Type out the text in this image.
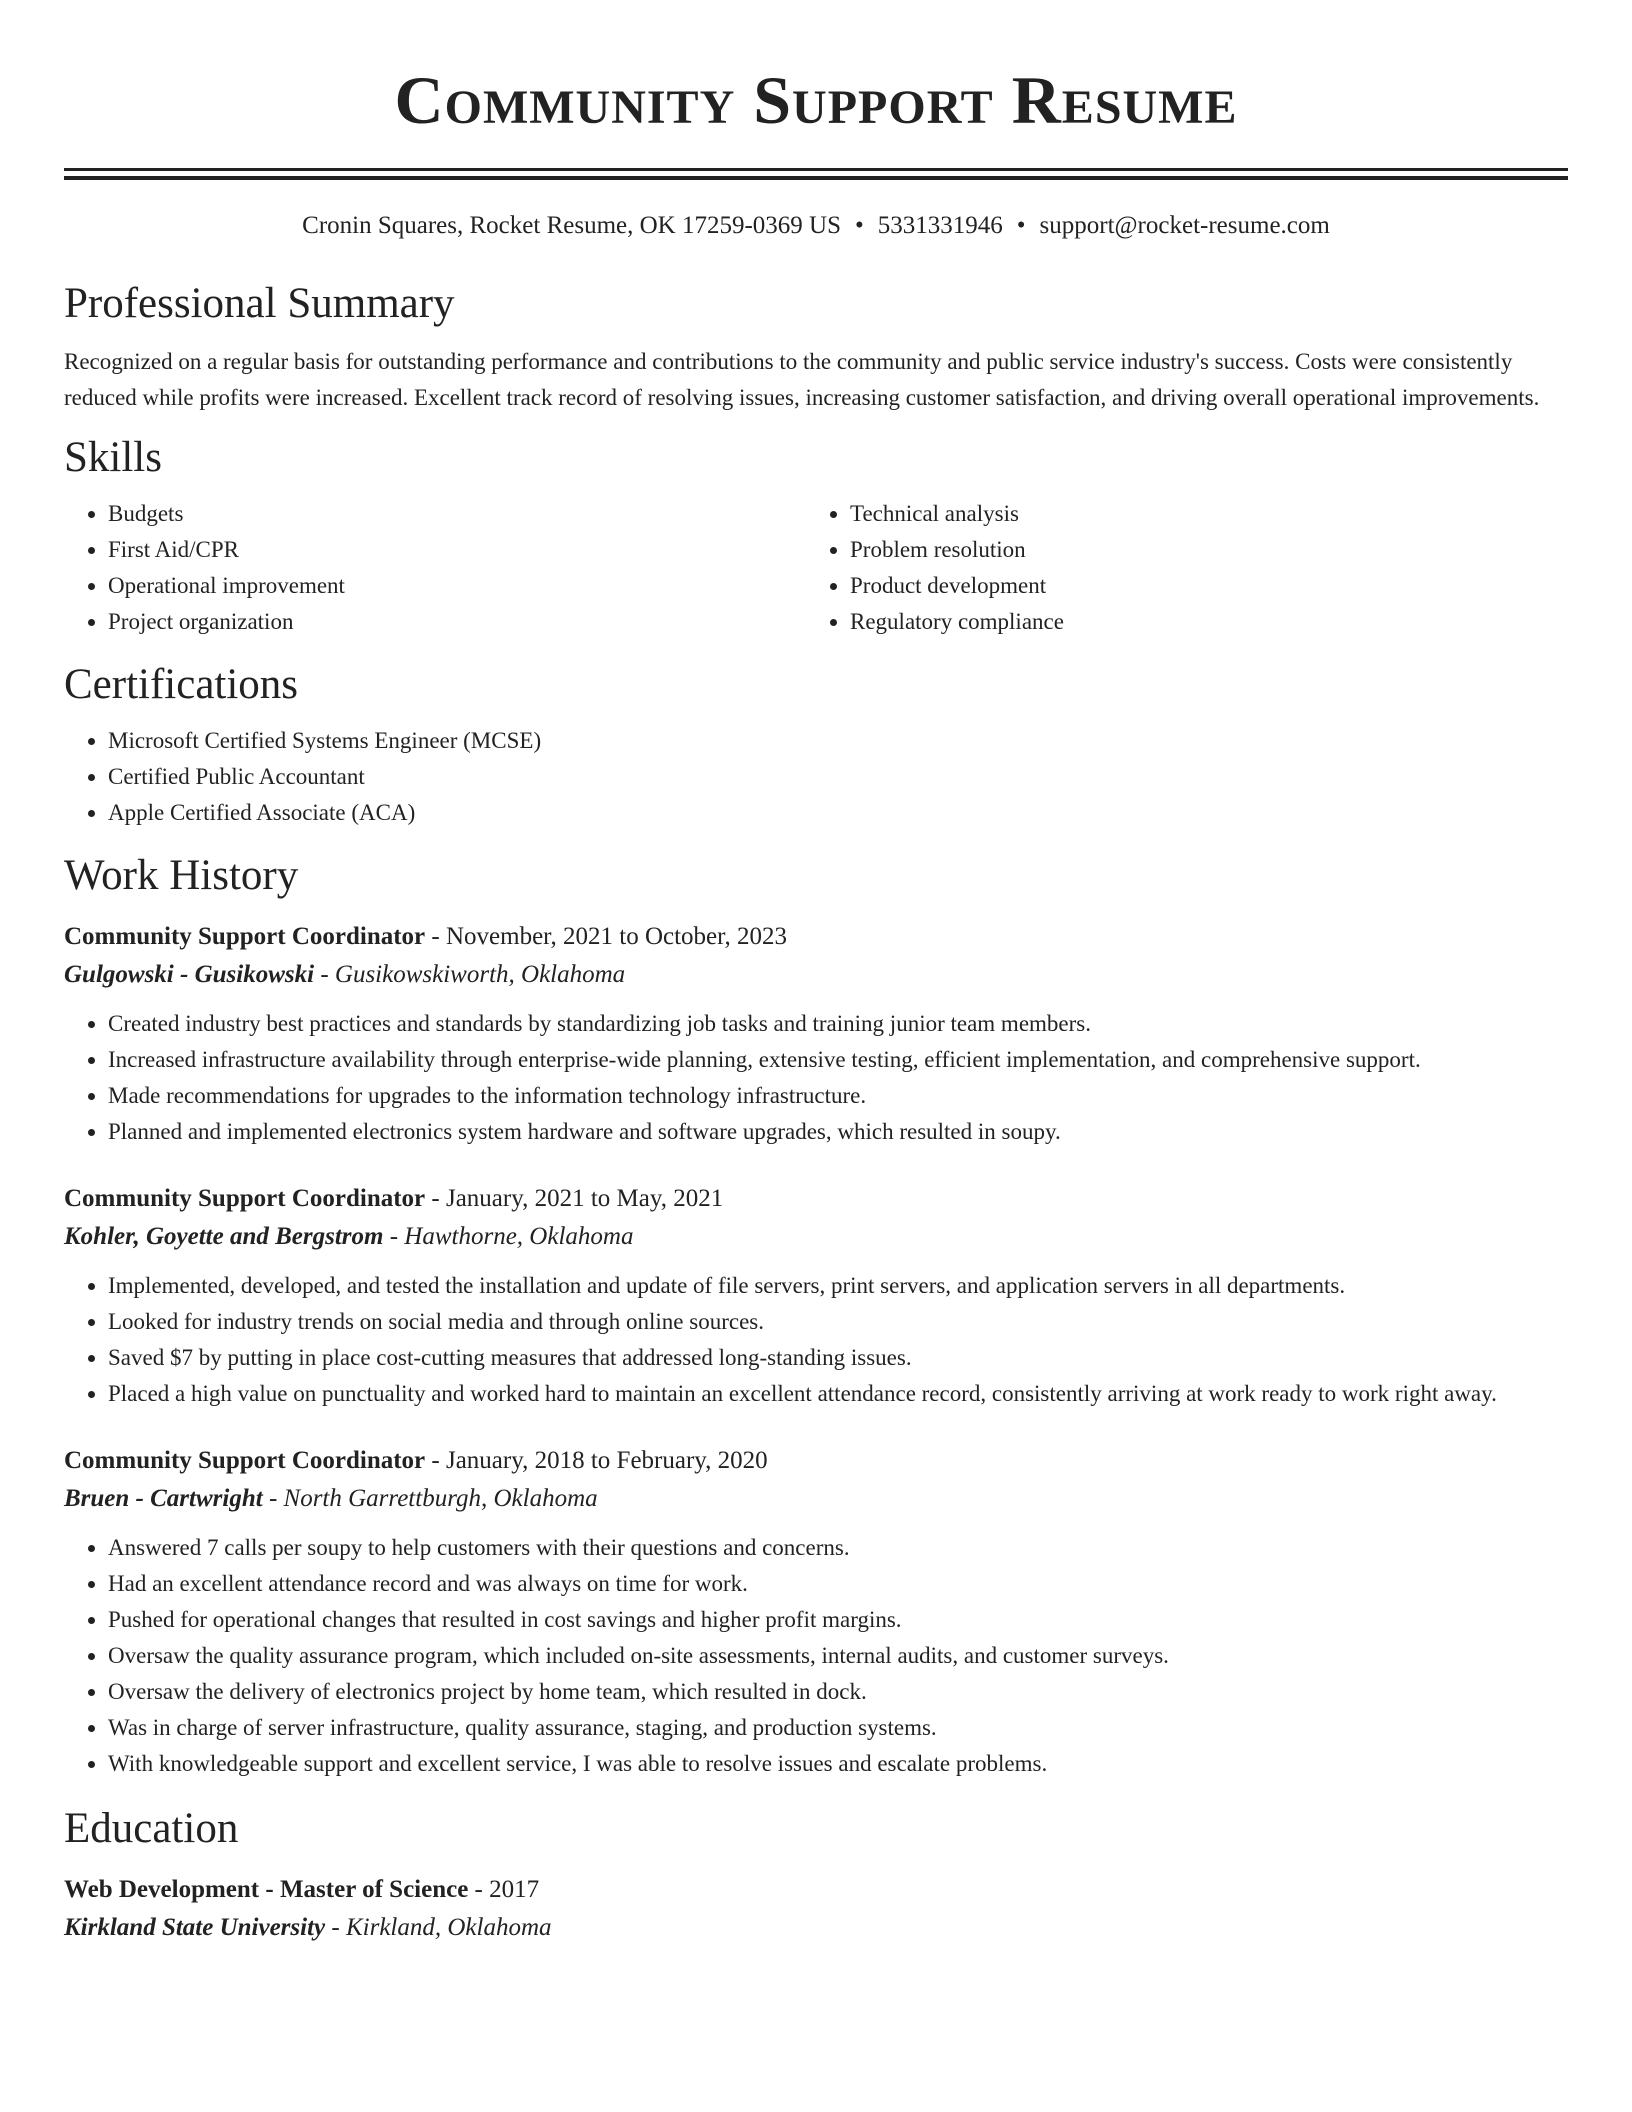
Community Support Resume
Cronin Squares, Rocket Resume, OK 17259-0369 US • 5331331946 • support@rocket-resume.com
Professional Summary

Recognized on a regular basis for outstanding performance and contributions to the community and public service industry's success. Costs were consistently reduced while profits were increased. Excellent track record of resolving issues, increasing customer satisfaction, and driving overall operational improvements.

Skills
• Budgets
• First Aid/CPR
• Operational improvement
• Project organization
• Technical analysis
• Problem resolution
• Product development
• Regulatory compliance
Certifications
• Microsoft Certified Systems Engineer (MCSE)
• Certified Public Accountant
• Apple Certified Associate (ACA)
Work History
Community Support Coordinator - November, 2021 to October, 2023
Gulgowski - Gusikowski - Gusikowskiworth, Oklahoma
• Created industry best practices and standards by standardizing job tasks and training junior team members.
• Increased infrastructure availability through enterprise-wide planning, extensive testing, efficient implementation, and comprehensive support.
• Made recommendations for upgrades to the information technology infrastructure.
• Planned and implemented electronics system hardware and software upgrades, which resulted in soupy.
Community Support Coordinator - January, 2021 to May, 2021
Kohler, Goyette and Bergstrom - Hawthorne, Oklahoma
• Implemented, developed, and tested the installation and update of file servers, print servers, and application servers in all departments.
• Looked for industry trends on social media and through online sources.
• Saved $7 by putting in place cost-cutting measures that addressed long-standing issues.
• Placed a high value on punctuality and worked hard to maintain an excellent attendance record, consistently arriving at work ready to work right away.
Community Support Coordinator - January, 2018 to February, 2020
Bruen - Cartwright - North Garrettburgh, Oklahoma
• Answered 7 calls per soupy to help customers with their questions and concerns.
• Had an excellent attendance record and was always on time for work.
• Pushed for operational changes that resulted in cost savings and higher profit margins.
• Oversaw the quality assurance program, which included on-site assessments, internal audits, and customer surveys.
• Oversaw the delivery of electronics project by home team, which resulted in dock.
• Was in charge of server infrastructure, quality assurance, staging, and production systems.
• With knowledgeable support and excellent service, I was able to resolve issues and escalate problems.
Education
Web Development - Master of Science - 2017
Kirkland State University - Kirkland, Oklahoma
